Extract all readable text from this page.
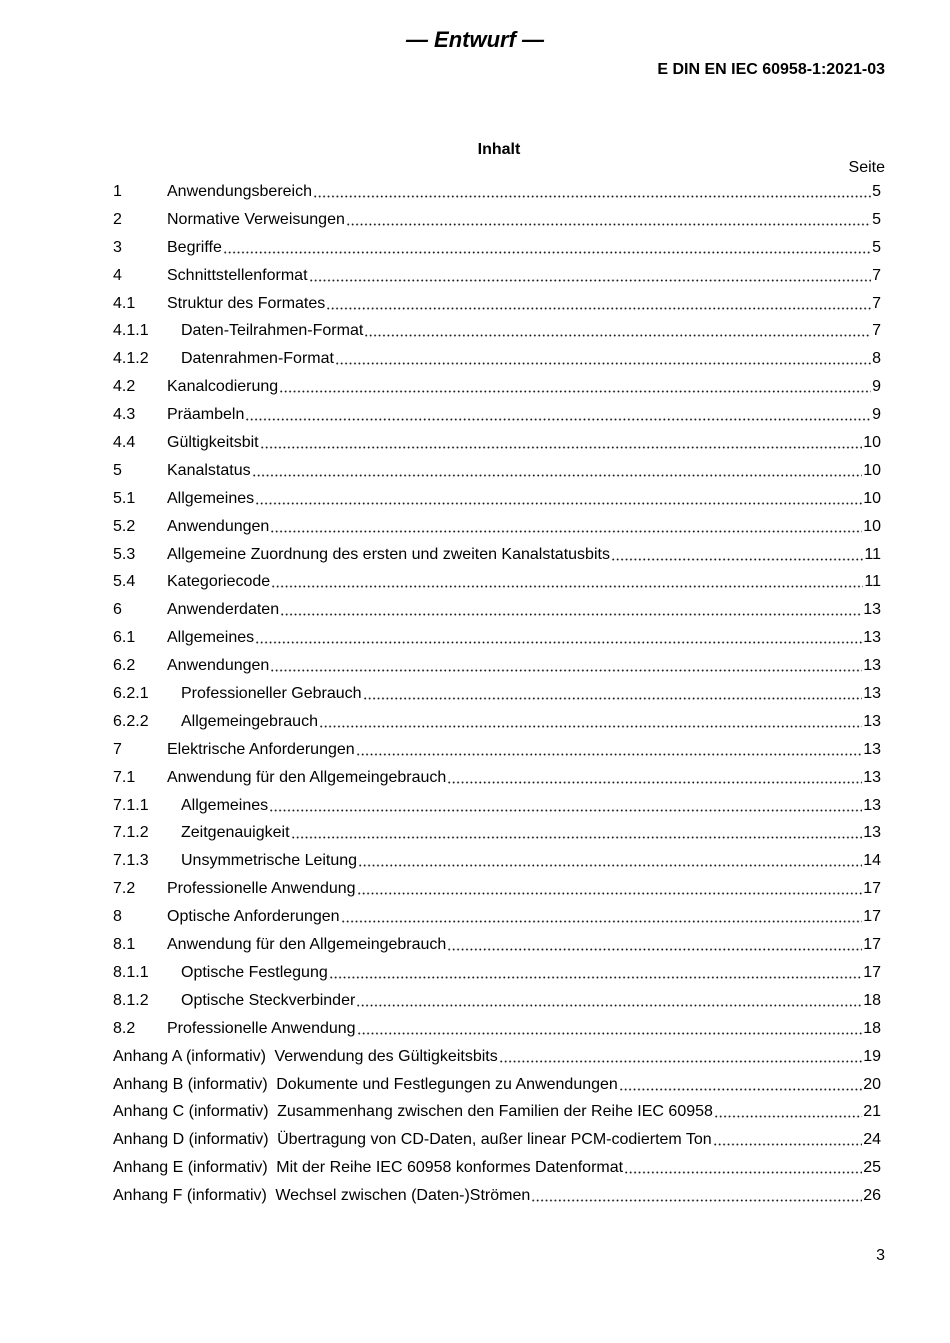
— Entwurf —
E DIN EN IEC 60958-1:2021-03
Inhalt
Seite
1	Anwendungsbereich	5
2	Normative Verweisungen	5
3	Begriffe	5
4	Schnittstellenformat	7
4.1	Struktur des Formates	7
4.1.1	Daten-Teilrahmen-Format	7
4.1.2	Datenrahmen-Format	8
4.2	Kanalcodierung	9
4.3	Präambeln	9
4.4	Gültigkeitsbit	10
5	Kanalstatus	10
5.1	Allgemeines	10
5.2	Anwendungen	10
5.3	Allgemeine Zuordnung des ersten und zweiten Kanalstatusbits	11
5.4	Kategoriecode	11
6	Anwenderdaten	13
6.1	Allgemeines	13
6.2	Anwendungen	13
6.2.1	Professioneller Gebrauch	13
6.2.2	Allgemeingebrauch	13
7	Elektrische Anforderungen	13
7.1	Anwendung für den Allgemeingebrauch	13
7.1.1	Allgemeines	13
7.1.2	Zeitgenauigkeit	13
7.1.3	Unsymmetrische Leitung	14
7.2	Professionelle Anwendung	17
8	Optische Anforderungen	17
8.1	Anwendung für den Allgemeingebrauch	17
8.1.1	Optische Festlegung	17
8.1.2	Optische Steckverbinder	18
8.2	Professionelle Anwendung	18
Anhang A (informativ) Verwendung des Gültigkeitsbits	19
Anhang B (informativ) Dokumente und Festlegungen zu Anwendungen	20
Anhang C (informativ) Zusammenhang zwischen den Familien der Reihe IEC 60958	21
Anhang D (informativ) Übertragung von CD-Daten, außer linear PCM-codiertem Ton	24
Anhang E (informativ) Mit der Reihe IEC 60958 konformes Datenformat	25
Anhang F (informativ) Wechsel zwischen (Daten-)Strömen	26
3
